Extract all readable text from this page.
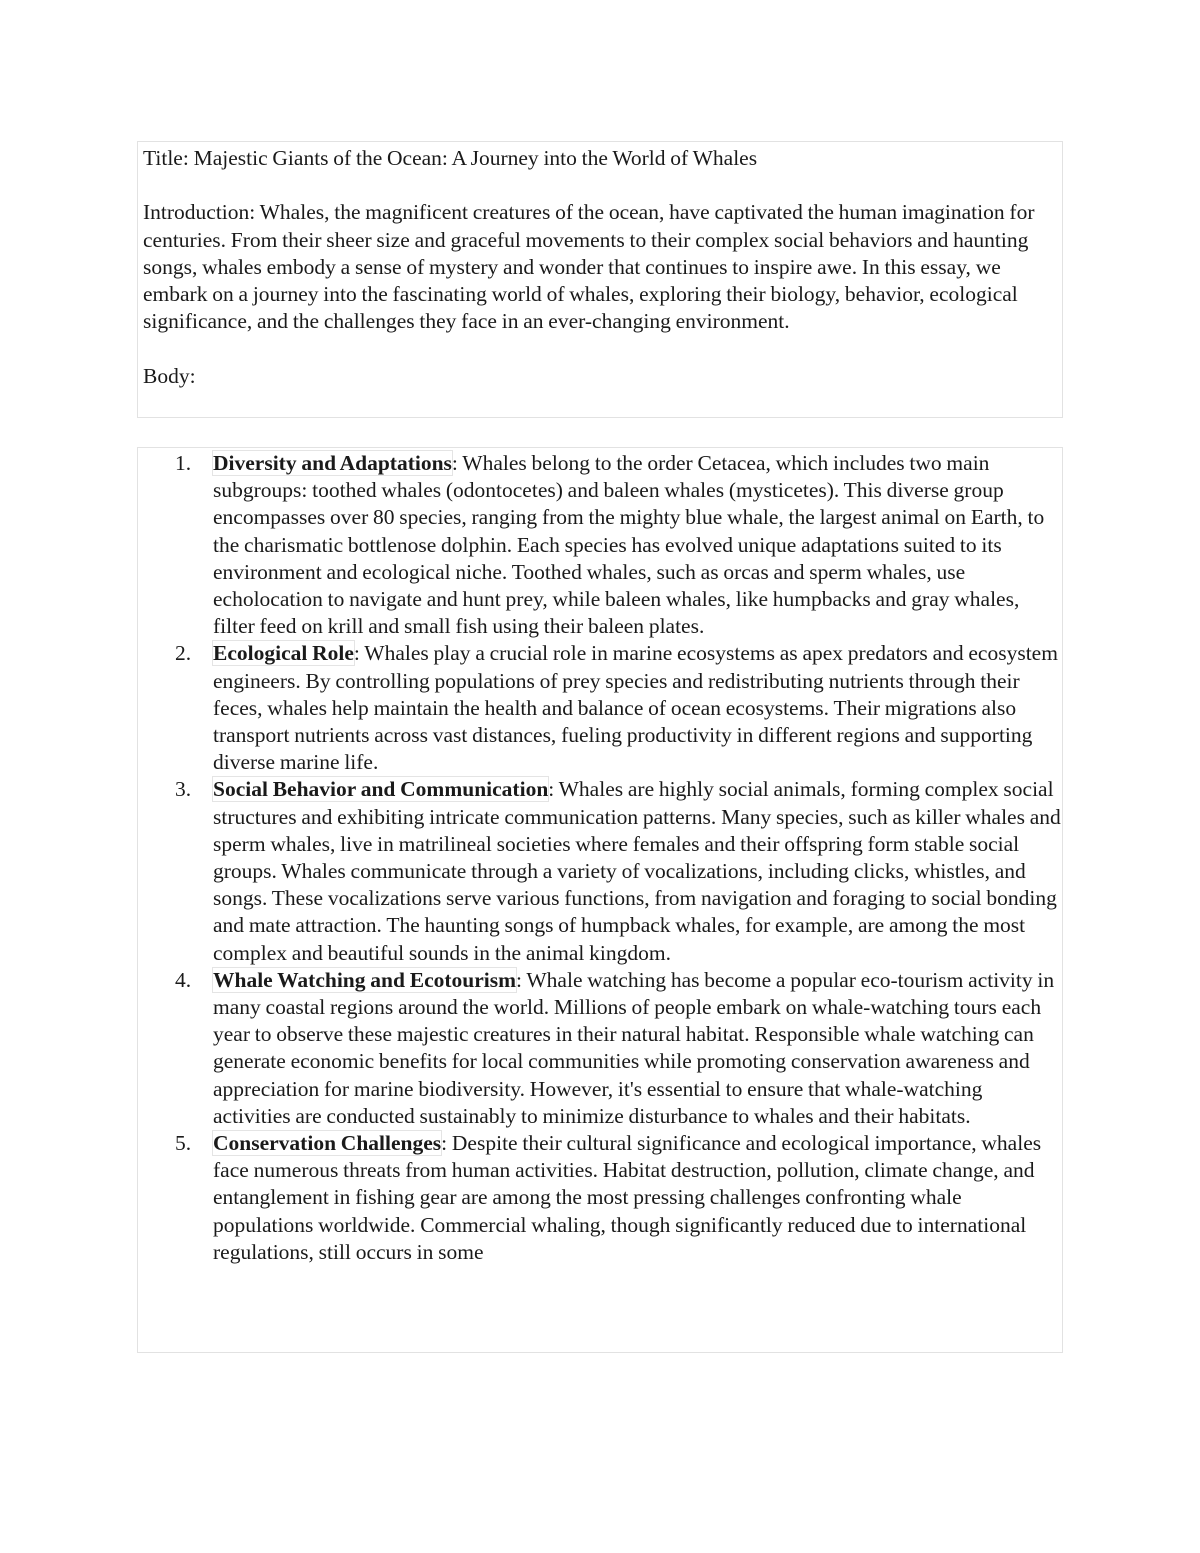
Title: Majestic Giants of the Ocean: A Journey into the World of Whales

Introduction: Whales, the magnificent creatures of the ocean, have captivated the human imagination for centuries. From their sheer size and graceful movements to their complex social behaviors and haunting songs, whales embody a sense of mystery and wonder that continues to inspire awe. In this essay, we embark on a journey into the fascinating world of whales, exploring their biology, behavior, ecological significance, and the challenges they face in an ever-changing environment.

Body:

1. Diversity and Adaptations: Whales belong to the order Cetacea, which includes two main subgroups: toothed whales (odontocetes) and baleen whales (mysticetes). This diverse group encompasses over 80 species, ranging from the mighty blue whale, the largest animal on Earth, to the charismatic bottlenose dolphin. Each species has evolved unique adaptations suited to its environment and ecological niche. Toothed whales, such as orcas and sperm whales, use echolocation to navigate and hunt prey, while baleen whales, like humpbacks and gray whales, filter feed on krill and small fish using their baleen plates.
2. Ecological Role: Whales play a crucial role in marine ecosystems as apex predators and ecosystem engineers. By controlling populations of prey species and redistributing nutrients through their feces, whales help maintain the health and balance of ocean ecosystems. Their migrations also transport nutrients across vast distances, fueling productivity in different regions and supporting diverse marine life.
3. Social Behavior and Communication: Whales are highly social animals, forming complex social structures and exhibiting intricate communication patterns. Many species, such as killer whales and sperm whales, live in matrilineal societies where females and their offspring form stable social groups. Whales communicate through a variety of vocalizations, including clicks, whistles, and songs. These vocalizations serve various functions, from navigation and foraging to social bonding and mate attraction. The haunting songs of humpback whales, for example, are among the most complex and beautiful sounds in the animal kingdom.
4. Whale Watching and Ecotourism: Whale watching has become a popular eco-tourism activity in many coastal regions around the world. Millions of people embark on whale-watching tours each year to observe these majestic creatures in their natural habitat. Responsible whale watching can generate economic benefits for local communities while promoting conservation awareness and appreciation for marine biodiversity. However, it's essential to ensure that whale-watching activities are conducted sustainably to minimize disturbance to whales and their habitats.
5. Conservation Challenges: Despite their cultural significance and ecological importance, whales face numerous threats from human activities. Habitat destruction, pollution, climate change, and entanglement in fishing gear are among the most pressing challenges confronting whale populations worldwide. Commercial whaling, though significantly reduced due to international regulations, still occurs in some
